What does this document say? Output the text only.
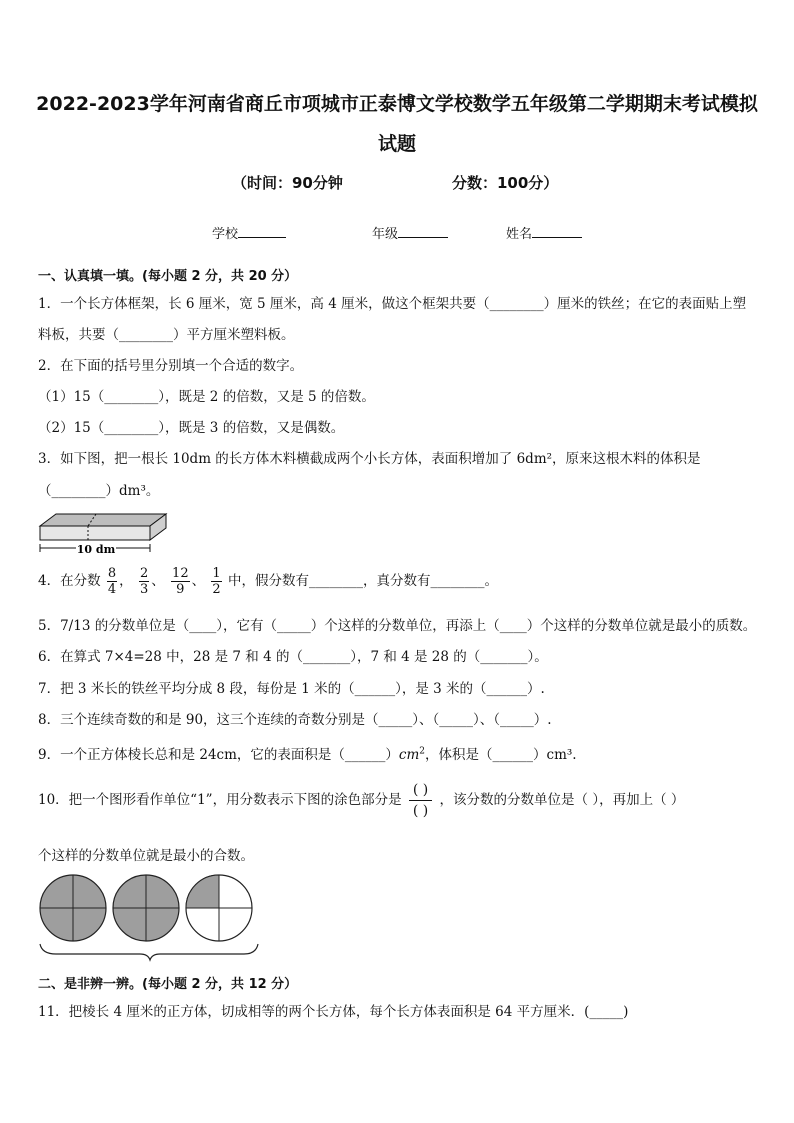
2022-2023学年河南省商丘市项城市正泰博文学校数学五年级第二学期期末考试模拟
试题
（时间：90分钟	分数：100分）
学校	年级	姓名
一、认真填一填。(每小题 2 分，共 20 分）
1．一个长方体框架，长 6 厘米，宽 5 厘米，高 4 厘米，做这个框架共要（________）厘米的铁丝；在它的表面贴上塑
料板，共要（________）平方厘米塑料板。
2．在下面的括号里分别填一个合适的数字。
（1）15（________），既是 2 的倍数，又是 5 的倍数。
（2）15（________），既是 3 的倍数，又是偶数。
3．如下图，把一根长 10dm 的长方体木料横截成两个小长方体，表面积增加了 6dm²，原来这根木料的体积是
（________）dm³。
10 dm
4．在分数 $\frac{8}{4}$ ， $\frac{2}{3}$ 、 $\frac{12}{9}$ 、 $\frac{1}{2}$ 中，假分数有________，真分数有________。
5．7/13 的分数单位是（____），它有（_____）个这样的分数单位，再添上（____）个这样的分数单位就是最小的质数。
6．在算式 7×4=28 中，28 是 7 和 4 的（_______），7 和 4 是 28 的（_______）。
7．把 3 米长的铁丝平均分成 8 段，每份是 1 米的（______），是 3 米的（______）.
8．三个连续奇数的和是 90，这三个连续的奇数分别是（_____）、（_____）、（_____）.
9．一个正方体棱长总和是 24cm，它的表面积是$(\_\_\_\_\_\_)cm^2$，体积是（______）cm³.
10．把一个图形看作单位“1”，用分数表示下图的涂色部分是
( )
( )
，该分数的分数单位是（ ），再加上（ ）
个这样的分数单位就是最小的合数。
二、是非辨一辨。(每小题 2 分，共 12 分）
11．把棱长 4 厘米的正方体，切成相等的两个长方体，每个长方体表面积是 64 平方厘米．(_____)
